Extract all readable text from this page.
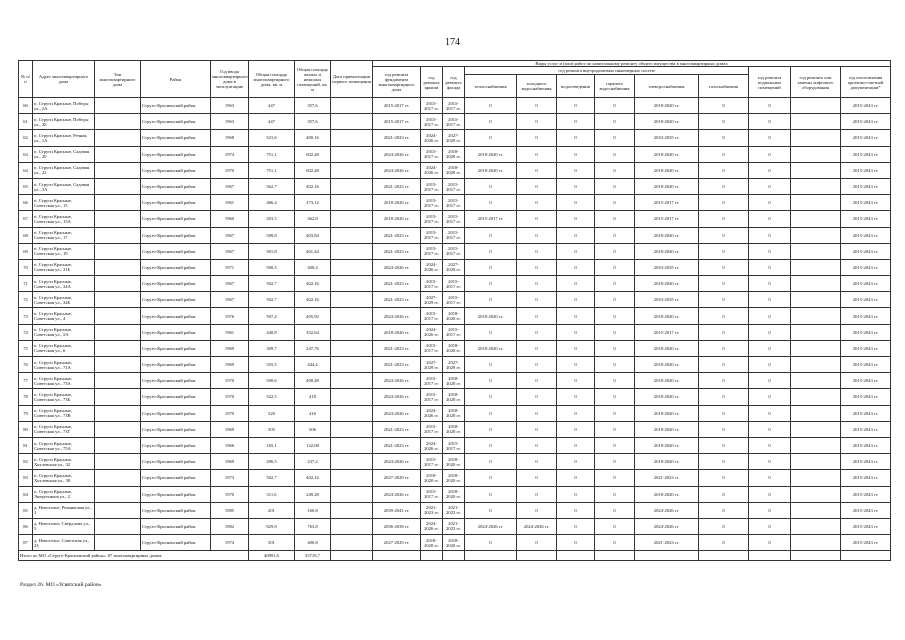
174
№ п/п	Адрес многоквартирного дома	Тип многоквартирного дома	Район	Год ввода многоквартирного дома в эксплуатацию	Общая площадь многоквартирного дома, кв. м	Общая площадь жилых и нежилых помещений, кв. м	Дата приватизации первого помещения	Виды услуг и (или) работ по капитальному ремонту общего имущества в многоквартирных домах											
								год ремонта фундамента многоквартирного дома	год ремонта крыши	год ремонта фасада	год ремонта внутридомовых инженерных систем						год ремонта подвальных помещений	год ремонта или замены лифтового оборудования	год изготовления проектно-сметной документации*
											теплоснабжения	холодного водоснабжения	водоотведения	горячего водоснабжения	электроснабжения	газоснабжения			
60	п. Струги Красные, Победы ул., 2А		Струго-Красненский район	1963	447	357,6		2015-2017 гг.	2015-2017 гг.	2015-2017 гг.	0	0	0	0	2018-2020 гг.	0	0		2015-2043 гг.
61	п. Струги Красные, Победы ул., 2Б		Струго-Красненский район	1963	447	357,6		2015-2017 гг.	2015-2017 гг.	2015-2017 гг.	0	0	0	0	2018-2020 гг.	0	0		2015-2043 гг.
62	п. Струги Красные, Речная ул., 1А		Струго-Красненский район	1968	521,6	400,16		2021-2023 гг.	2024-2026 гг.	2027-2029 гг.	0	0	0	0	2033-2035 гг.	0	0		2015-2043 гг.
63	п. Струги Красные, Садовая ул., 20		Струго-Красненский район	1974	751,1	602,48		2024-2026 гг.	2015-2017 гг.	2018-2020 гг.	2018-2020 гг.	0	0	0	2018-2020 гг.	0	0		2015-2043 гг.
64	п. Струги Красные, Садовая ул., 22		Струго-Красненский район	1970	751,1	602,48		2024-2026 гг.	2024-2026 гг.	2018-2020 гг.	2018-2020 гг.	0	0	0	2018-2020 гг.	0	0		2015-2043 гг.
65	п. Струги Красные, Садовая ул., 3А		Струго-Красненский район	1967	562,7	402,16		2021-2023 гг.	2015-2017 гг.	2015-2017 гг.	0	0	0	0	2018-2020 гг.	0	0		2015-2043 гг.
66	п. Струги Красные, Советская ул., 15		Струго-Красненский район	1961	466,4	373,12		2018-2020 гг.	2015-2017 гг.	2015-2017 гг.	0	0	0	0	2015-2017 гг.	0	0		2015-2043 гг.
67	п. Струги Красные, Советская ул., 15А		Струго-Красненский район	1960	453,5	362,8		2018-2020 гг.	2015-2017 гг.	2015-2017 гг.	2015-2017 гг.	0	0	0	2015-2017 гг.	0	0		2015-2043 гг.
68	п. Струги Красные, Советская ул., 17		Струго-Красненский район	1967	509,8	403,84		2021-2023 гг.	2015-2017 гг.	2015-2017 гг.	0	0	0	0	2018-2020 гг.	0	0		2015-2043 гг.
69	п. Струги Красные, Советская ул., 19		Струго-Красненский район	1967	501,8	401,44		2021-2023 гг.	2015-2017 гг.	2015-2017 гг.	0	0	0	0	2018-2020 гг.	0	0		2015-2043 гг.
70	п. Струги Красные, Советская ул., 21Б		Струго-Красненский район	1971	500,5	400,4		2024-2026 гг.	2024-2026 гг.	2027-2029 гг.	0	0	0	0	2033-2035 гг.	0	0		2015-2043 гг.
71	п. Струги Красные, Советская ул., 34А		Струго-Красненский район	1967	502,7	402,16		2021-2023 гг.	2015-2017 гг.	2015-2017 гг.	0	0	0	0	2018-2020 гг.	0	0		2015-2043 гг.
72	п. Струги Красные, Советская ул., 34Б		Струго-Красненский район	1967	502,7	402,16		2021-2023 гг.	2027-2029 гг.	2015-2017 гг.	0	0	0	0	2033-2035 гг.	0	0		2015-2043 гг.
73	п. Струги Красные, Советская ул., 4		Струго-Красненский район	1976	507,4	405,92		2024-2026 гг.	2015-2017 гг.	2018-2020 гг.	2018-2020 гг.	0	0	0	2018-2020 гг.	0	0		2015-2043 гг.
74	п. Струги Красные, Советская ул., 5А		Струго-Красненский район	1961	440,8	352,64		2018-2020 гг.	2024-2026 гг.	2015-2017 гг.	0	0	0	0	2015-2017 гг.	0	0		2015-2043 гг.
75	п. Струги Красные, Советская ул., 6		Струго-Красненский район	1969	309,7	247,76		2021-2023 гг.	2015-2017 гг.	2018-2020 гг.	2018-2020 гг.	0	0	0	2018-2020 гг.	0	0		2015-2043 гг.
76	п. Струги Красные, Советская ул., 71А		Струго-Красненский район	1969	555,5	444,4		2021-2023 гг.	2027-2029 гг.	2027-2029 гг.	0	0	0	0	2018-2020 гг.	0	0		2015-2043 гг.
77	п. Струги Красные, Советская ул., 73А		Струго-Красненский район	1970	500,6	400,48		2024-2026 гг.	2015-2017 гг.	2018-2020 гг.	0	0	0	0	2018-2020 гг.	0	0		2015-2043 гг.
78	п. Струги Красные, Советская ул., 73Б		Струго-Красненский район	1970	522,5	418		2024-2026 гг.	2015-2017 гг.	2018-2020 гг.	0	0	0	0	2018-2020 гг.	0	0		2015-2043 гг.
79	п. Струги Красные, Советская ул., 73В		Струго-Красненский район	1970	520	416		2024-2026 гг.	2024-2026 гг.	2018-2020 гг.	0	0	0	0	2018-2020 гг.	0	0		2015-2043 гг.
80	п. Струги Красные, Советская ул., 73Г		Струго-Красненский район	1969	505	506		2021-2023 гг.	2015-2017 гг.	2018-2020 гг.	0	0	0	0	2018-2020 гг.	0	0		2015-2043 гг.
81	п. Струги Красные, Советская ул., 75А		Струго-Красненский район	1966	165,1	132,08		2021-2023 гг.	2024-2026 гг.	2015-2017 гг.	0	0	0	0	2018-2020 гг.	0	0		2015-2043 гг.
82	п. Струги Красные, Хохловская ул., 32		Струго-Красненский район	1969	296,5	237,2		2024-2026 гг.	2015-2017 гг.	2018-2020 гг.	0	0	0	0	2018-2020 гг.	0	0		2015-2043 гг.
83	п. Струги Красные, Хохловская ул., 38		Струго-Красненский район	1973	502,7	402,16		2027-2029 гг.	2018-2020 гг.	2018-2020 гг.	0	0	0	0	2021-2023 гг.	0	0		2015-2043 гг.
84	п. Струги Красные, Энергетиков ул., 2		Струго-Красненский район	1970	311,6	249,28		2024-2026 гг.	2015-2017 гг.	2018-2020 гг.	0	0	0	0	2018-2020 гг.	0	0		2015-2043 гг.
85	д. Новоселье, Речниковая ул., 3		Струго-Красненский район	1985	201	160,8		2039-2041 гг.	2021-2023 гг.	2021-2023 гг.	0	0	0	0	2024-2026 гг.	0	0		2015-2043 гг.
86	д. Новоселье, Свердлова ул., 5		Струго-Красненский район	1982	829,8	763,8		2036-2038 гг.	2024-2026 гг.	2021-2023 гг.	2024-2026 гг.	2024-2026 гг.	0	0	2024-2026 гг.	0	0		2015-2043 гг.
87	д. Новоселье, Советская ул., 23		Струго-Красненский район	1974	501	400,8		2027-2029 гг.	2018-2020 гг.	2018-2020 гг.	0	0	0	0	2021-2023 гг.	0	0		2015-2043 гг.
Итого по МО «Струго-Красненский район»: 87 многоквартирных домов					40991,6	33716,7													
Раздел 26. МО «Усвятский район»
